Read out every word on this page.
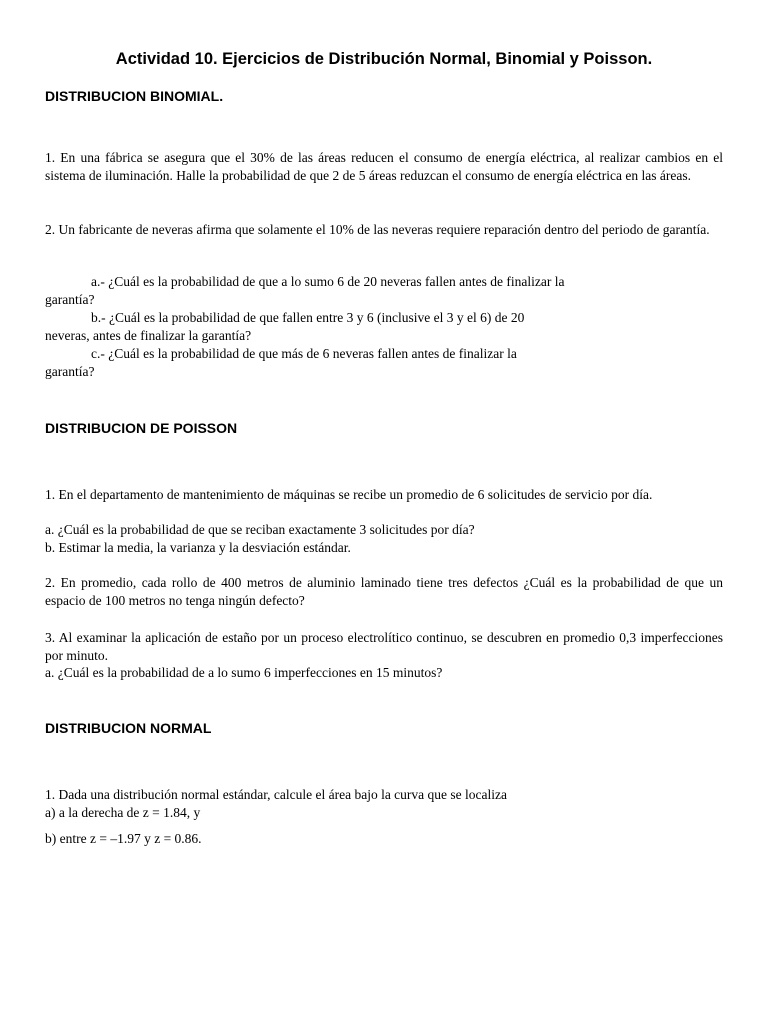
Actividad 10. Ejercicios de Distribución Normal, Binomial y Poisson.
DISTRIBUCION BINOMIAL.

1. En una fábrica se asegura que el 30% de las áreas reducen el consumo de energía eléctrica, al realizar cambios en el sistema de iluminación. Halle la probabilidad de que 2 de 5 áreas reduzcan el consumo de energía eléctrica en las áreas.

2. Un fabricante de neveras afirma que solamente el 10% de las neveras requiere reparación dentro del periodo de garantía.

a.- ¿Cuál es la probabilidad de que a lo sumo 6 de 20 neveras fallen antes de finalizar la
garantía?
b.- ¿Cuál es la probabilidad de que fallen entre 3 y 6 (inclusive el 3 y el 6) de 20
neveras, antes de finalizar la garantía?
c.- ¿Cuál es la probabilidad de que más de 6 neveras fallen antes de finalizar la
garantía?
DISTRIBUCION DE POISSON

1. En el departamento de mantenimiento de máquinas se recibe un promedio de 6 solicitudes de servicio por día.

a. ¿Cuál es la probabilidad de que se reciban exactamente 3 solicitudes por día?

b. Estimar la media, la varianza y la desviación estándar.

2. En promedio, cada rollo de 400 metros de aluminio laminado tiene tres defectos ¿Cuál es la probabilidad de que un espacio de 100 metros no tenga ningún defecto?

3. Al examinar la aplicación de estaño por un proceso electrolítico continuo, se descubren en promedio 0,3 imperfecciones por minuto.

a. ¿Cuál es la probabilidad de a lo sumo 6 imperfecciones en 15 minutos?

DISTRIBUCION NORMAL

1. Dada una distribución normal estándar, calcule el área bajo la curva que se localiza

a) a la derecha de z = 1.84, y

b) entre z = –1.97 y z = 0.86.
